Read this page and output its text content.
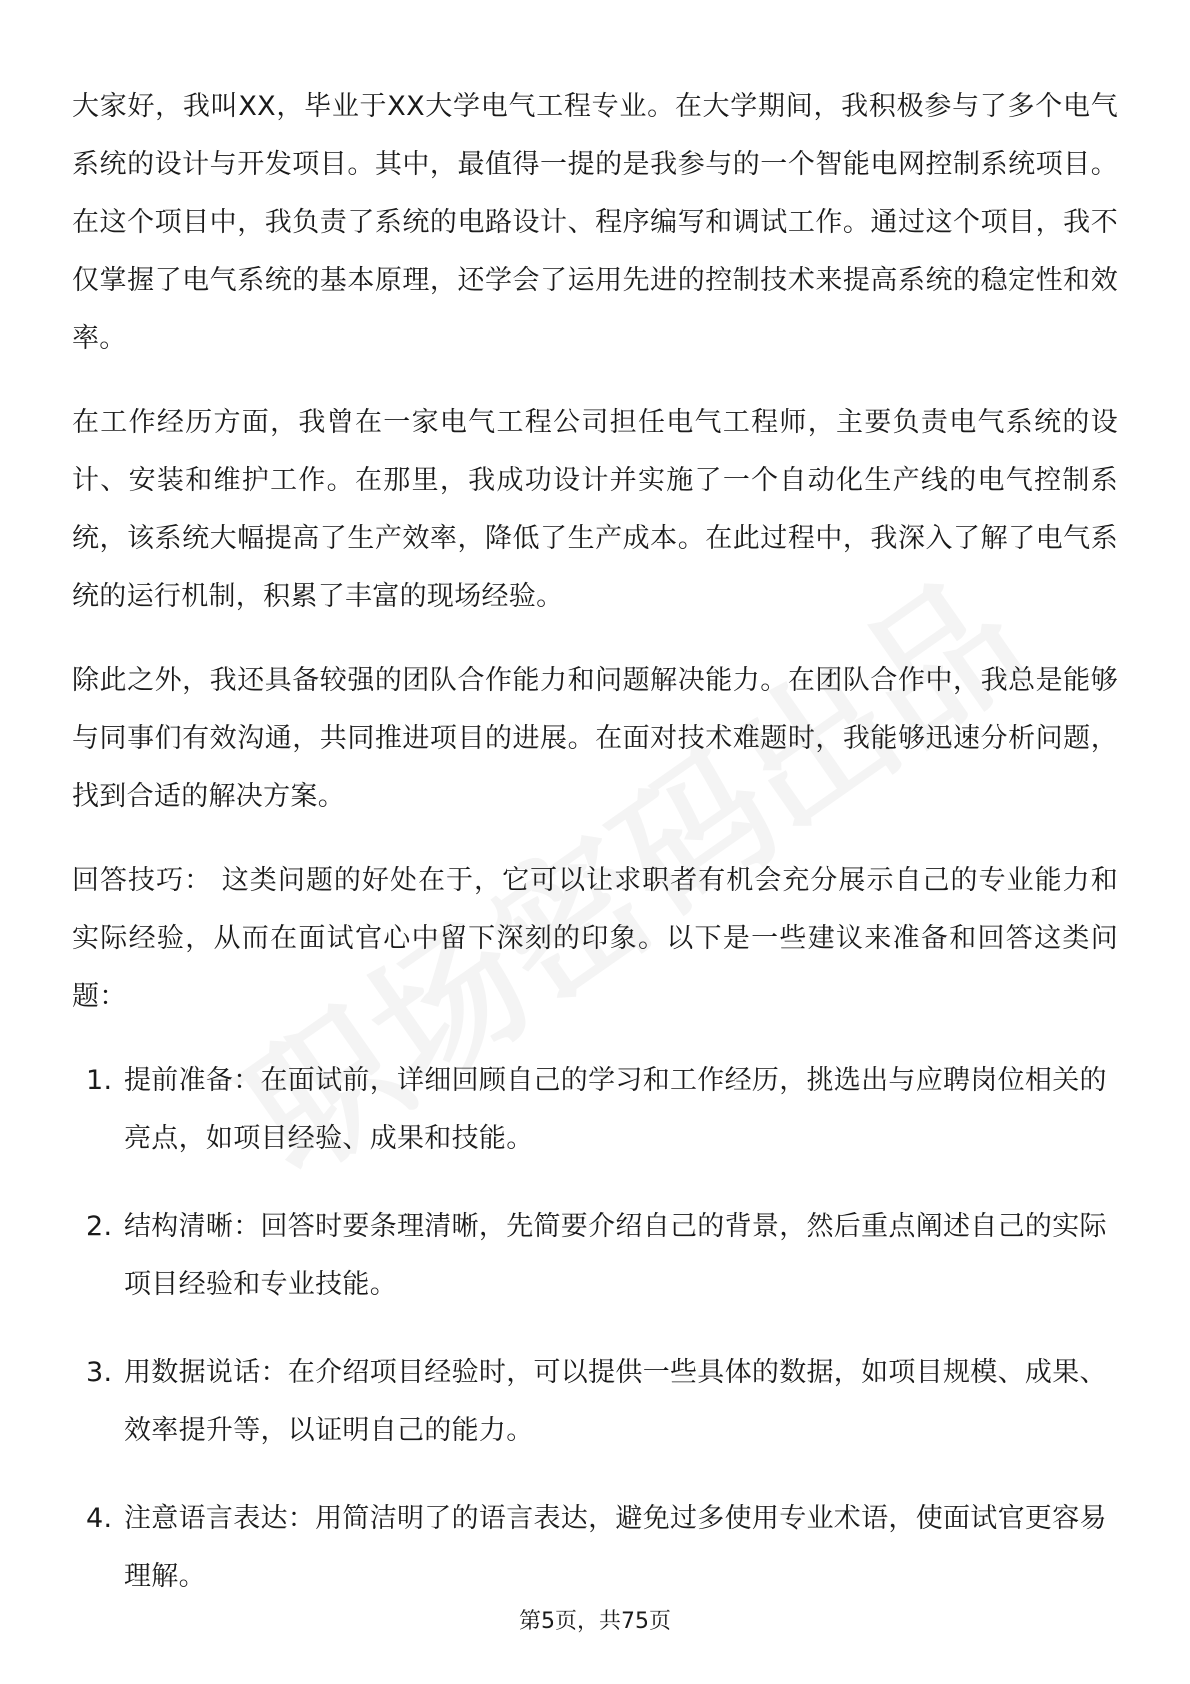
大家好，我叫XX，毕业于XX大学电气工程专业。在大学期间，我积极参与了多个电气系统的设计与开发项目。其中，最值得一提的是我参与的一个智能电网控制系统项目。在这个项目中，我负责了系统的电路设计、程序编写和调试工作。通过这个项目，我不仅掌握了电气系统的基本原理，还学会了运用先进的控制技术来提高系统的稳定性和效率。

在工作经历方面，我曾在一家电气工程公司担任电气工程师，主要负责电气系统的设计、安装和维护工作。在那里，我成功设计并实施了一个自动化生产线的电气控制系统，该系统大幅提高了生产效率，降低了生产成本。在此过程中，我深入了解了电气系统的运行机制，积累了丰富的现场经验。

除此之外，我还具备较强的团队合作能力和问题解决能力。在团队合作中，我总是能够与同事们有效沟通，共同推进项目的进展。在面对技术难题时，我能够迅速分析问题，找到合适的解决方案。

回答技巧： 这类问题的好处在于，它可以让求职者有机会充分展示自己的专业能力和实际经验，从而在面试官心中留下深刻的印象。以下是一些建议来准备和回答这类问题：

1. 提前准备：在面试前，详细回顾自己的学习和工作经历，挑选出与应聘岗位相关的亮点，如项目经验、成果和技能。
2. 结构清晰：回答时要条理清晰，先简要介绍自己的背景，然后重点阐述自己的实际项目经验和专业技能。
3. 用数据说话：在介绍项目经验时，可以提供一些具体的数据，如项目规模、成果、效率提升等，以证明自己的能力。
4. 注意语言表达：用简洁明了的语言表达，避免过多使用专业术语，使面试官更容易理解。
第5页，共75页
